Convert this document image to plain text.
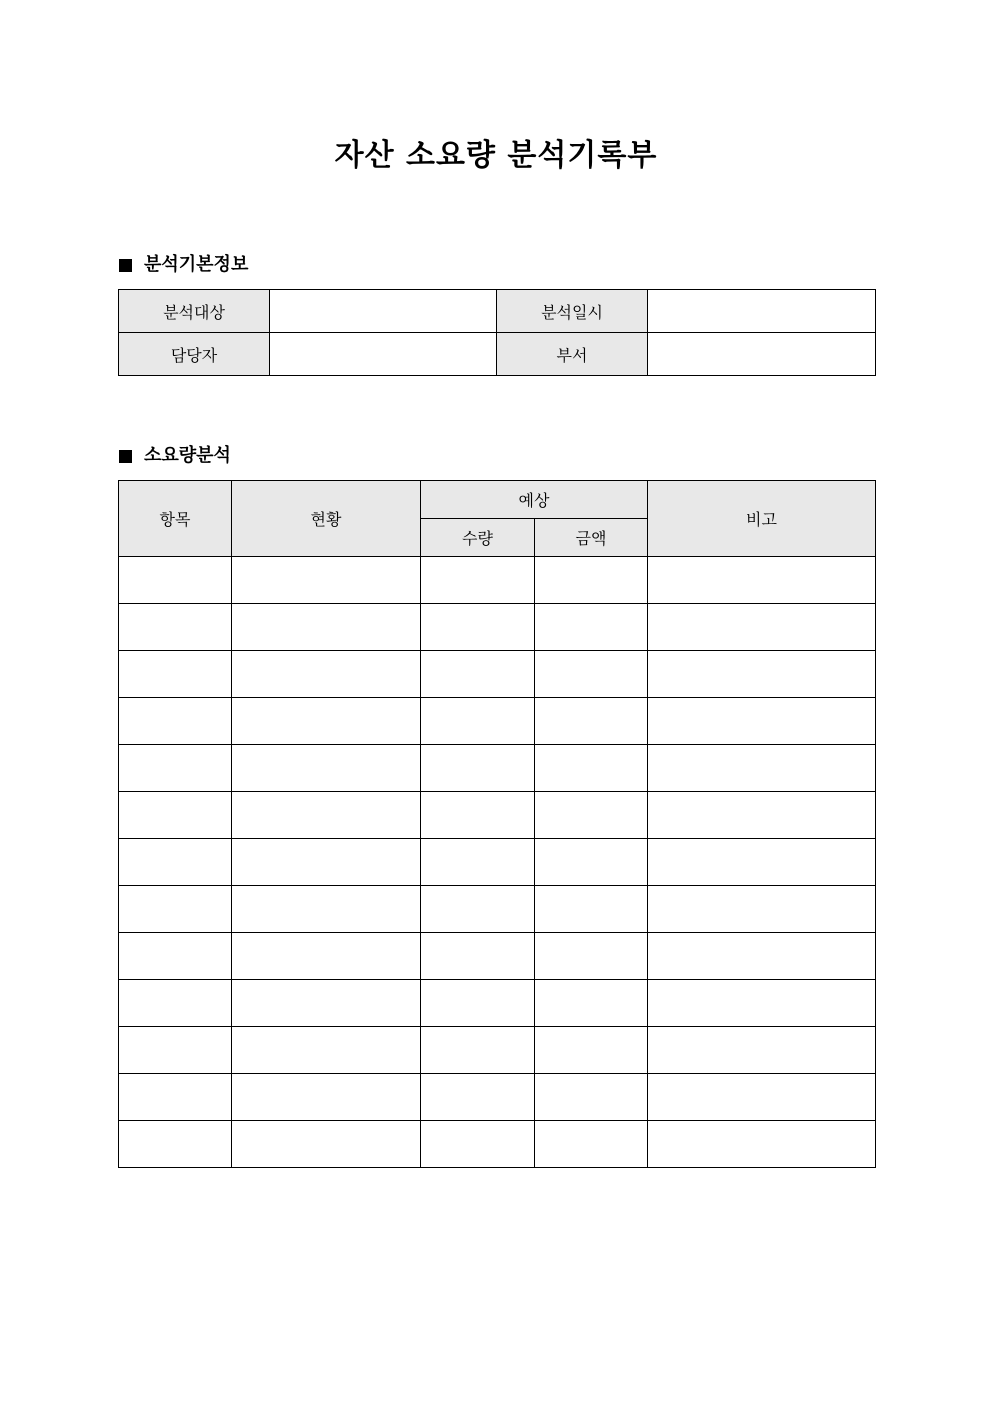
자산 소요량 분석기록부
분석기본정보
분석대상		분석일시	
담당자		부서	
소요량분석
항목	현황	예상		비고
		수량	금액	
